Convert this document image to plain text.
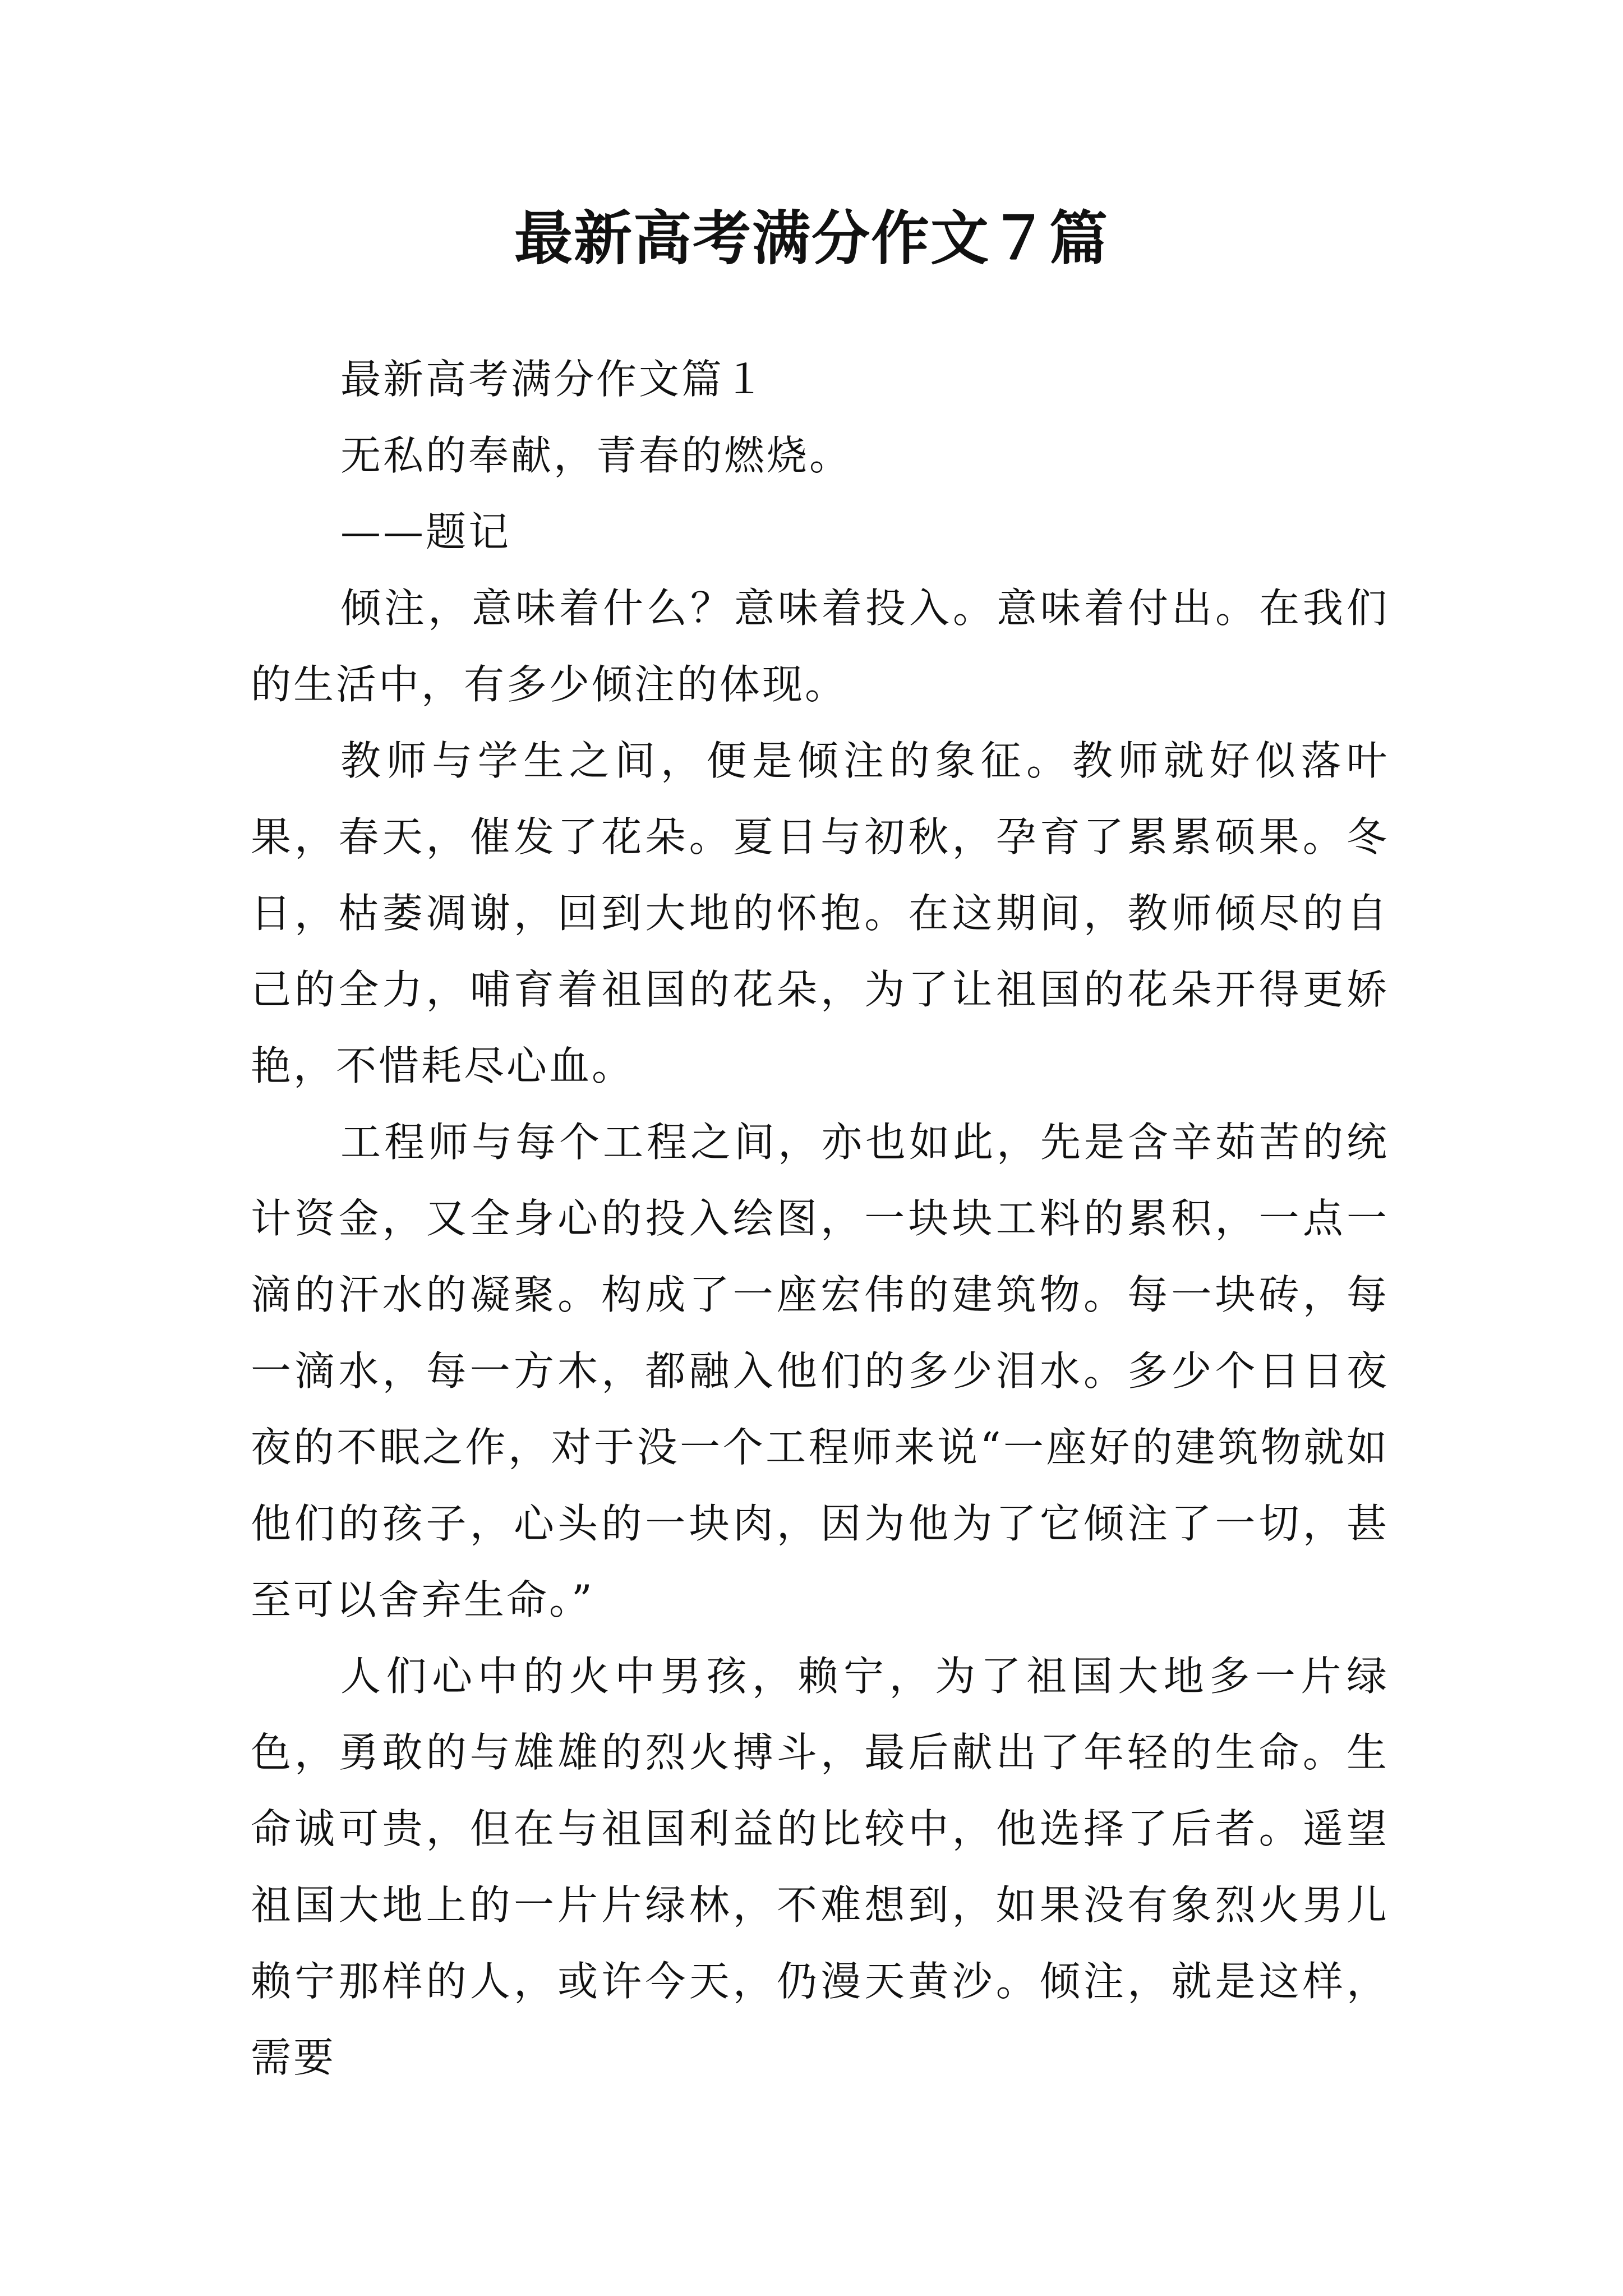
最新高考满分作文７篇

最新高考满分作文篇１

无私的奉献，青春的燃烧。

——题记

倾注，意味着什么？意味着投入。意味着付出。在我们的生活中，有多少倾注的体现。

教师与学生之间，便是倾注的象征。教师就好似落叶果，春天，催发了花朵。夏日与初秋，孕育了累累硕果。冬日，枯萎凋谢，回到大地的怀抱。在这期间，教师倾尽的自己的全力，哺育着祖国的花朵，为了让祖国的花朵开得更娇艳，不惜耗尽心血。

工程师与每个工程之间，亦也如此，先是含辛茹苦的统计资金，又全身心的投入绘图，一块块工料的累积，一点一滴的汗水的凝聚。构成了一座宏伟的建筑物。每一块砖，每一滴水，每一方木，都融入他们的多少泪水。多少个日日夜夜的不眠之作，对于没一个工程师来说“一座好的建筑物就如他们的孩子，心头的一块肉，因为他为了它倾注了一切，甚至可以舍弃生命。”

人们心中的火中男孩，赖宁，为了祖国大地多一片绿色，勇敢的与雄雄的烈火搏斗，最后献出了年轻的生命。生命诚可贵，但在与祖国利益的比较中，他选择了后者。遥望祖国大地上的一片片绿林，不难想到，如果没有象烈火男儿赖宁那样的人，或许今天，仍漫天黄沙。倾注，就是这样，需要
